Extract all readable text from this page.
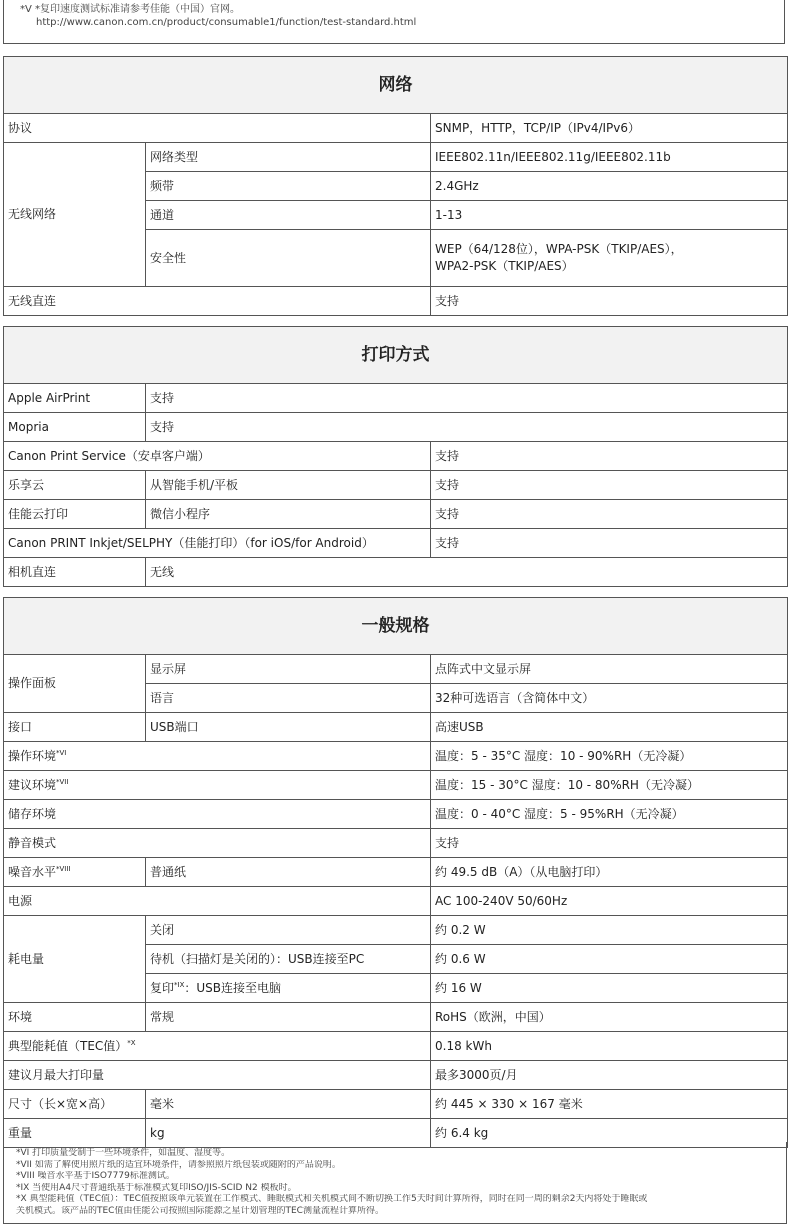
*V *复印速度测试标准请参考佳能（中国）官网。
http://www.canon.com.cn/product/consumable1/function/test-standard.html
网络		
协议		SNMP，HTTP，TCP/IP（IPv4/IPv6）
无线网络	网络类型	IEEE802.11n/IEEE802.11g/IEEE802.11b
	频带	2.4GHz
	通道	1-13
	安全性	WEP（64/128位），WPA-PSK（TKIP/AES），
WPA2-PSK（TKIP/AES）

无线直连		支持
打印方式		
Apple AirPrint	支持	
Mopria	支持	
Canon Print Service（安卓客户端）		支持
乐享云	从智能手机/平板	支持
佳能云打印	微信小程序	支持
Canon PRINT Inkjet/SELPHY（佳能打印）（for iOS/for Android）		支持
相机直连	无线	
一般规格		
操作面板	显示屏	点阵式中文显示屏
	语言	32种可选语言（含简体中文）
接口	USB端口	高速USB
操作环境$^{*VI}$		温度：5 - 35°C 湿度：10 - 90%RH（无冷凝）
建议环境$^{*VII}$		温度：15 - 30°C 湿度：10 - 80%RH（无冷凝）
储存环境		温度：0 - 40°C 湿度：5 - 95%RH（无冷凝）
静音模式		支持
噪音水平$^{*VIII}$	普通纸	约 49.5 dB（A）（从电脑打印）
电源		AC 100-240V 50/60Hz
耗电量	关闭	约 0.2 W
	待机（扫描灯是关闭的）：USB连接至PC	约 0.6 W
	复印$^{*IX}$：USB连接至电脑	约 16 W
环境	常规	RoHS（欧洲，中国）
典型能耗值（TEC值）$^{*X}$		0.18 kWh
建议月最大打印量		最多3000页/月
尺寸（长×宽×高）	毫米	约 445 × 330 × 167 毫米
重量	kg	约 6.4 kg
*VI 打印质量受制于一些环境条件，如温度、湿度等。
*VII 如需了解使用照片纸的适宜环境条件，请参照照片纸包装或随附的产品说明。
*VIII 噪音水平基于ISO7779标准测试。
*IX 当使用A4尺寸普通纸基于标准模式复印ISO/JIS-SCID N2 模板时。
*X 典型能耗值（TEC值）：TEC值按照该单元装置在工作模式、睡眠模式和关机模式间不断切换工作5天时间计算所得，同时在同一周的剩余2天内将处于睡眠或
关机模式。该产品的TEC值由佳能公司按照国际能源之星计划管理的TEC测量流程计算所得。
